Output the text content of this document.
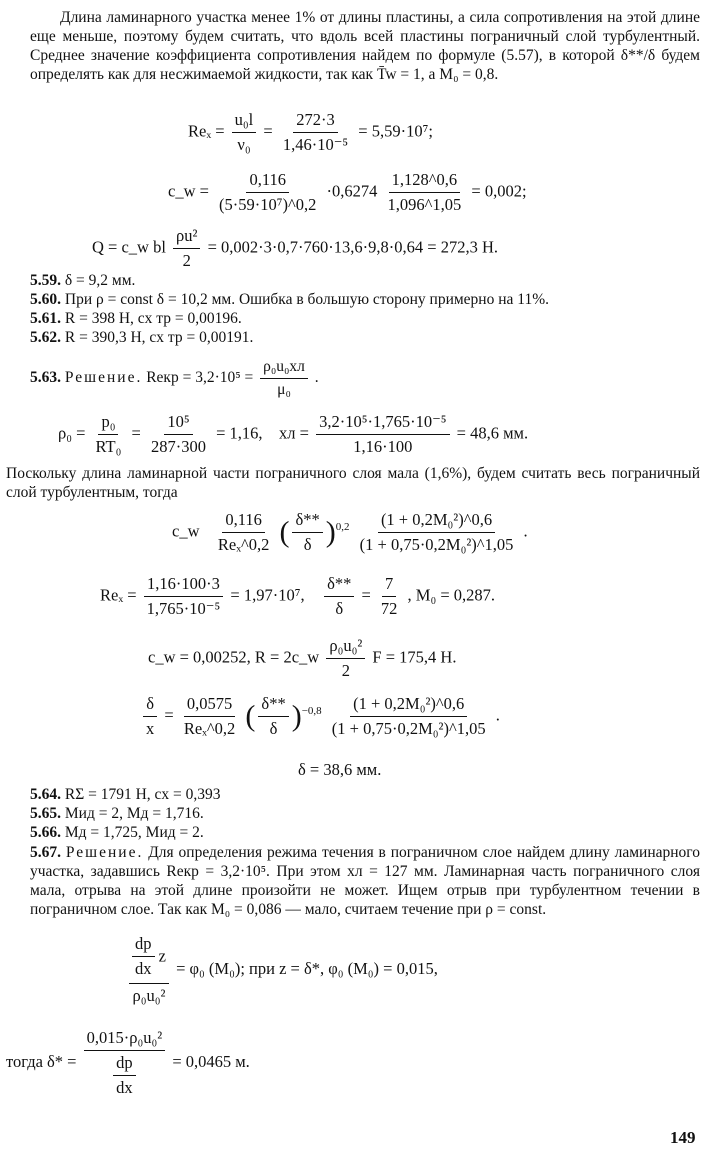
Длина ламинарного участка менее 1% от длины пластины, а сила сопротивления на этой длине еще меньше, поэтому будем считать, что вдоль всей пластины пограничный слой турбулентный. Среднее значение коэффициента сопротивления найдем по формуле (5.57), в которой δ**/δ будем определять как для несжимаемой жидкости, так как T̄w = 1, а M₀ = 0,8.
$Re_x = \frac{\text{u₀l}}{\text{ν₀}} = \frac{272\cdot 3}{\text{1,46·10⁻⁵}} = 5,59\cdot 10^7$;
c_w = $\frac{0,116}{\text{(5·59·10⁷)\textasciicircum{}0,2}} \cdot 0,6274 \frac{1,128\^{}0,6}{1,096\^{}1,05} = 0,002$;
Q = c_w bl $\frac{\text{ρu²}}{2} = 0,002\cdot 3\cdot 0,7\cdot 760\cdot 13,6\cdot 9,8\cdot 0,64 = 272,3$ Н.
5.59. δ = 9,2 мм.
5.60. При ρ = const δ = 10,2 мм. Ошибка в большую сторону примерно на 11%.
5.61. R = 398 Н, cx тр = 0,00196.
5.62. R = 390,3 Н, cx тр = 0,00191.
5.63. Решение. Reкр = $3,2\cdot 10^5 = \frac{\text{ρ₀u₀xл}}{\text{μ₀}}$ .
$\rho_0 = \frac{\text{p₀}}{\text{RT₀}} = \frac{\text{10⁵}}{287\cdot 300} = 1,16$, xл = $\frac{\text{3,2·10⁵·1,765·10⁻⁵}}{1,16\cdot 100} = 48,6$ мм.
Поскольку длина ламинарной части пограничного слоя мала (1,6%), будем считать весь пограничный слой турбулентным, тогда
c_w $\frac{0,116}{\text{Reₓ\textasciicircum{}0,2}}$ ( $\frac{\delta**}{\delta} )^{0,2} \frac{\text{(1 + 0,2M₀²)\textasciicircum{}0,6}}{\text{(1 + 0,75·0,2M₀²)\textasciicircum{}1,05}}$ .
$Re_x = \frac{1,16\cdot 100\cdot 3}{\text{1,765·10⁻⁵}} = 1,97\cdot 10^7$, $\frac{\delta**}{\delta} = \frac{7}{72}$ , M₀ = 0,287.
c_w = 0,00252, R = 2c_w $\frac{\text{ρ₀u₀²}}{2}$ F = 175,4 Н.
$\frac{\delta}{x} = \frac{0,0575}{\text{Reₓ\textasciicircum{}0,2}}$ ( $\frac{\delta**}{\delta} )^{-0,8} \frac{\text{(1 + 0,2M₀²)\textasciicircum{}0,6}}{\text{(1 + 0,75·0,2M₀²)\textasciicircum{}1,05}}$ .
δ = 38,6 мм.
5.64. RΣ = 1791 Н, cx = 0,393
5.65. Mид = 2, Mд = 1,716.
5.66. Mд = 1,725, Mид = 2.
5.67. Решение. Для определения режима течения в пограничном слое найдем длину ламинарного участка, задавшись Reкр = 3,2·10⁵. При этом xл = 127 мм. Ламинарная часть пограничного слоя мала, отрыва на этой длине произойти не может. Ищем отрыв при турбулентном течении в пограничном слое. Так как M₀ = 0,086 — мало, считаем течение при ρ = const.
$\frac{\frac{dp}{dx} z}{\text{ρ₀u₀²}} = \varphi_0$ (M₀); при z = δ*, φ₀ (M₀) = 0,015,
тогда $\delta* = \frac{\text{0,015·ρ₀u₀²}}{\frac{dp}{dx}} = 0,0465$ м.
149
